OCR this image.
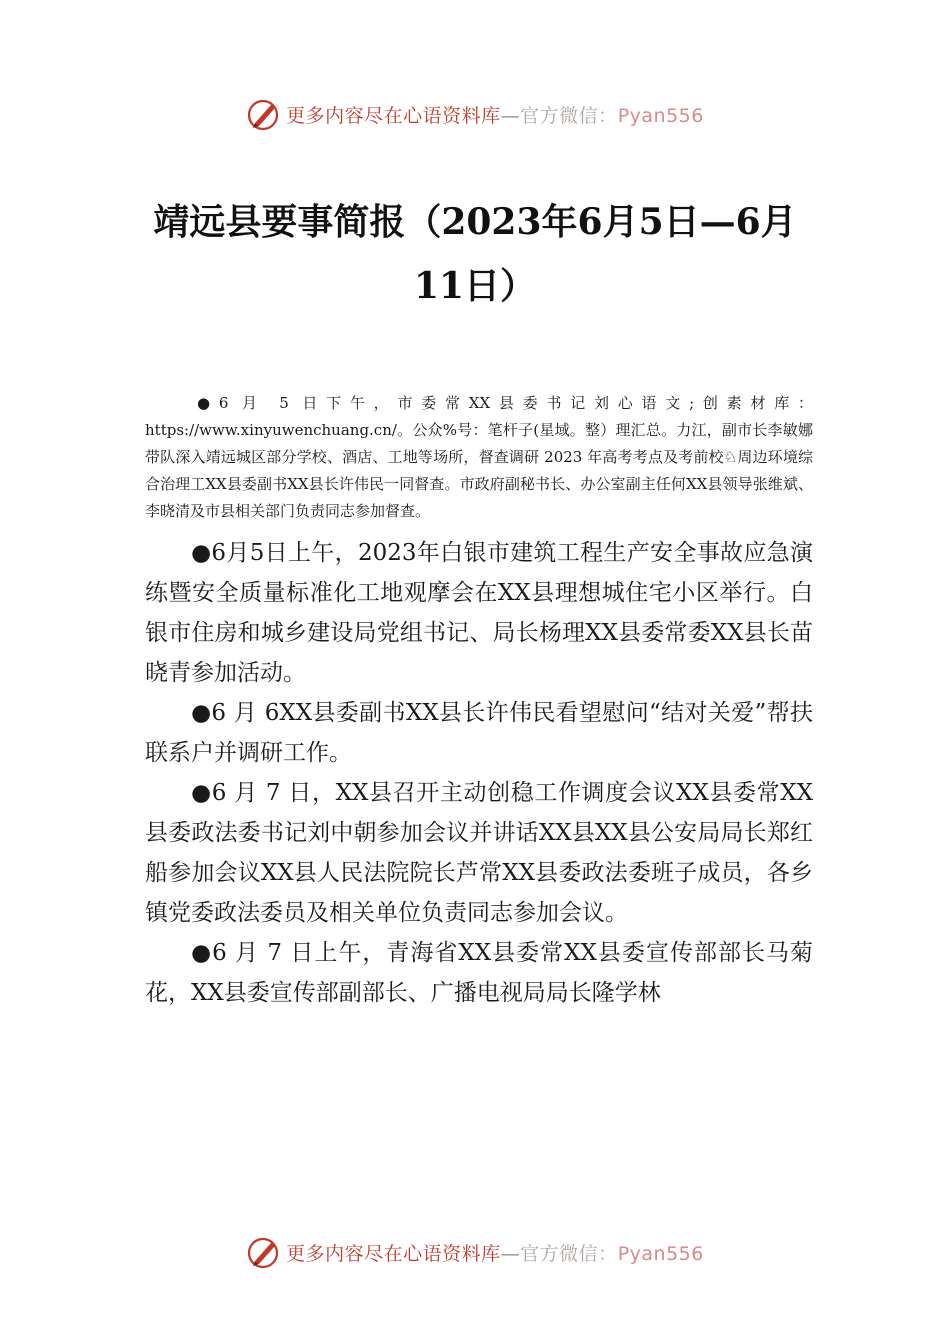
更多内容尽在心语资料库—官方微信：Pyan556
靖远县要事简报（2023年6月5日—6月11日）

●6 月 5 日下午，市委常XX县委书记刘心语文;创素材库：https://www.xinyuwenchuang.cn/。公众%号：笔杆子(星域。整）理汇总。力江，副市长李敏娜带队深入靖远城区部分学校、酒店、工地等场所，督查调研 2023 年高考考点及考前校♘周边环境综合治理工XX县委副书XX县长许伟民一同督查。市政府副秘书长、办公室副主任何XX县领导张维斌、李晓清及市县相关部门负责同志参加督查。

●6月5日上午，2023年白银市建筑工程生产安全事故应急演练暨安全质量标准化工地观摩会在XX县理想城住宅小区举行。白银市住房和城乡建设局党组书记、局长杨理XX县委常委XX县长苗晓青参加活动。

●6 月 6XX县委副书XX县长许伟民看望慰问“结对关爱”帮扶联系户并调研工作。

●6 月 7 日，XX县召开主动创稳工作调度会议XX县委常XX县委政法委书记刘中朝参加会议并讲话XX县XX县公安局局长郑红船参加会议XX县人民法院院长芦常XX县委政法委班子成员，各乡镇党委政法委员及相关单位负责同志参加会议。

●6 月 7 日上午，青海省XX县委常XX县委宣传部部长马菊花，XX县委宣传部副部长、广播电视局局长隆学林

更多内容尽在心语资料库—官方微信：Pyan556
